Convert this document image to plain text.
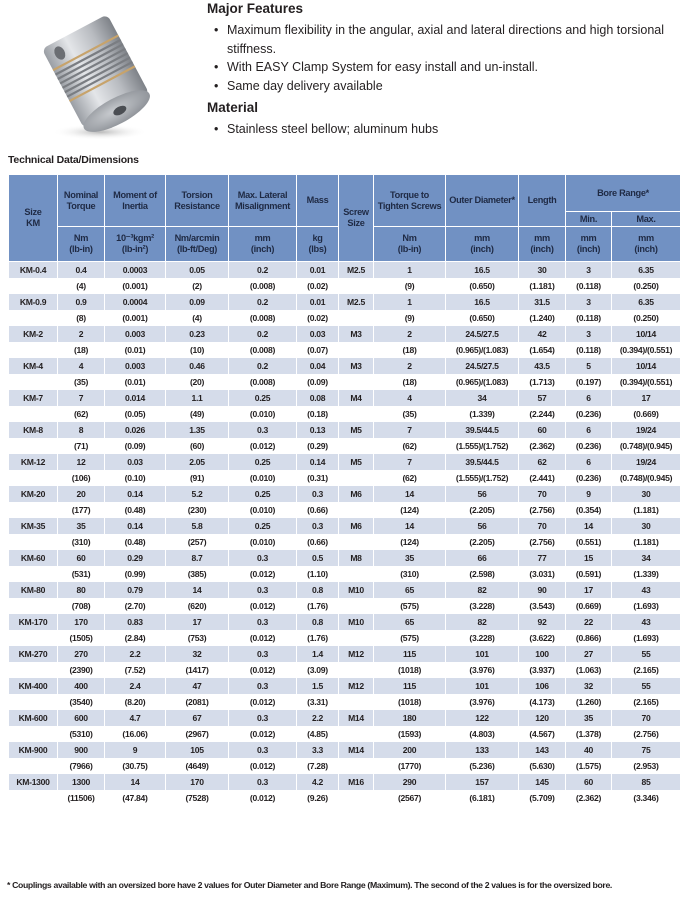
Major Features
• Maximum flexibility in the angular, axial and lateral directions and high torsional stiffness.
• With EASY Clamp System for easy install and un-install.
• Same day delivery available
Material
• Stainless steel bellow; aluminum hubs
Technical Data/Dimensions
Size
KM	Nominal Torque	Moment of Inertia	Torsion Resistance	Max. Lateral Misalignment	Mass	Screw
Size	Torque to Tighten Screws	Outer Diameter*	Length	Bore Range*	
										Min.	Max.
	Nm
(lb-in)	10⁻³kgm²
(lb-in²)	Nm/arcmin
(lb-ft/Deg)	mm
(inch)	kg
(lbs)		Nm
(lb-in)	mm
(inch)	mm
(inch)	mm
(inch)	mm
(inch)
KM-0.4	0.4	0.0003	0.05	0.2	0.01	M2.5	1	16.5	30	3	6.35
	(4)	(0.001)	(2)	(0.008)	(0.02)		(9)	(0.650)	(1.181)	(0.118)	(0.250)
KM-0.9	0.9	0.0004	0.09	0.2	0.01	M2.5	1	16.5	31.5	3	6.35
	(8)	(0.001)	(4)	(0.008)	(0.02)		(9)	(0.650)	(1.240)	(0.118)	(0.250)
KM-2	2	0.003	0.23	0.2	0.03	M3	2	24.5/27.5	42	3	10/14
	(18)	(0.01)	(10)	(0.008)	(0.07)		(18)	(0.965)/(1.083)	(1.654)	(0.118)	(0.394)/(0.551)
KM-4	4	0.003	0.46	0.2	0.04	M3	2	24.5/27.5	43.5	5	10/14
	(35)	(0.01)	(20)	(0.008)	(0.09)		(18)	(0.965)/(1.083)	(1.713)	(0.197)	(0.394)/(0.551)
KM-7	7	0.014	1.1	0.25	0.08	M4	4	34	57	6	17
	(62)	(0.05)	(49)	(0.010)	(0.18)		(35)	(1.339)	(2.244)	(0.236)	(0.669)
KM-8	8	0.026	1.35	0.3	0.13	M5	7	39.5/44.5	60	6	19/24
	(71)	(0.09)	(60)	(0.012)	(0.29)		(62)	(1.555)/(1.752)	(2.362)	(0.236)	(0.748)/(0.945)
KM-12	12	0.03	2.05	0.25	0.14	M5	7	39.5/44.5	62	6	19/24
	(106)	(0.10)	(91)	(0.010)	(0.31)		(62)	(1.555)/(1.752)	(2.441)	(0.236)	(0.748)/(0.945)
KM-20	20	0.14	5.2	0.25	0.3	M6	14	56	70	9	30
	(177)	(0.48)	(230)	(0.010)	(0.66)		(124)	(2.205)	(2.756)	(0.354)	(1.181)
KM-35	35	0.14	5.8	0.25	0.3	M6	14	56	70	14	30
	(310)	(0.48)	(257)	(0.010)	(0.66)		(124)	(2.205)	(2.756)	(0.551)	(1.181)
KM-60	60	0.29	8.7	0.3	0.5	M8	35	66	77	15	34
	(531)	(0.99)	(385)	(0.012)	(1.10)		(310)	(2.598)	(3.031)	(0.591)	(1.339)
KM-80	80	0.79	14	0.3	0.8	M10	65	82	90	17	43
	(708)	(2.70)	(620)	(0.012)	(1.76)		(575)	(3.228)	(3.543)	(0.669)	(1.693)
KM-170	170	0.83	17	0.3	0.8	M10	65	82	92	22	43
	(1505)	(2.84)	(753)	(0.012)	(1.76)		(575)	(3.228)	(3.622)	(0.866)	(1.693)
KM-270	270	2.2	32	0.3	1.4	M12	115	101	100	27	55
	(2390)	(7.52)	(1417)	(0.012)	(3.09)		(1018)	(3.976)	(3.937)	(1.063)	(2.165)
KM-400	400	2.4	47	0.3	1.5	M12	115	101	106	32	55
	(3540)	(8.20)	(2081)	(0.012)	(3.31)		(1018)	(3.976)	(4.173)	(1.260)	(2.165)
KM-600	600	4.7	67	0.3	2.2	M14	180	122	120	35	70
	(5310)	(16.06)	(2967)	(0.012)	(4.85)		(1593)	(4.803)	(4.567)	(1.378)	(2.756)
KM-900	900	9	105	0.3	3.3	M14	200	133	143	40	75
	(7966)	(30.75)	(4649)	(0.012)	(7.28)		(1770)	(5.236)	(5.630)	(1.575)	(2.953)
KM-1300	1300	14	170	0.3	4.2	M16	290	157	145	60	85
	(11506)	(47.84)	(7528)	(0.012)	(9.26)		(2567)	(6.181)	(5.709)	(2.362)	(3.346)
* Couplings available with an oversized bore have 2 values for Outer Diameter and Bore Range (Maximum). The second of the 2 values is for the oversized bore.
